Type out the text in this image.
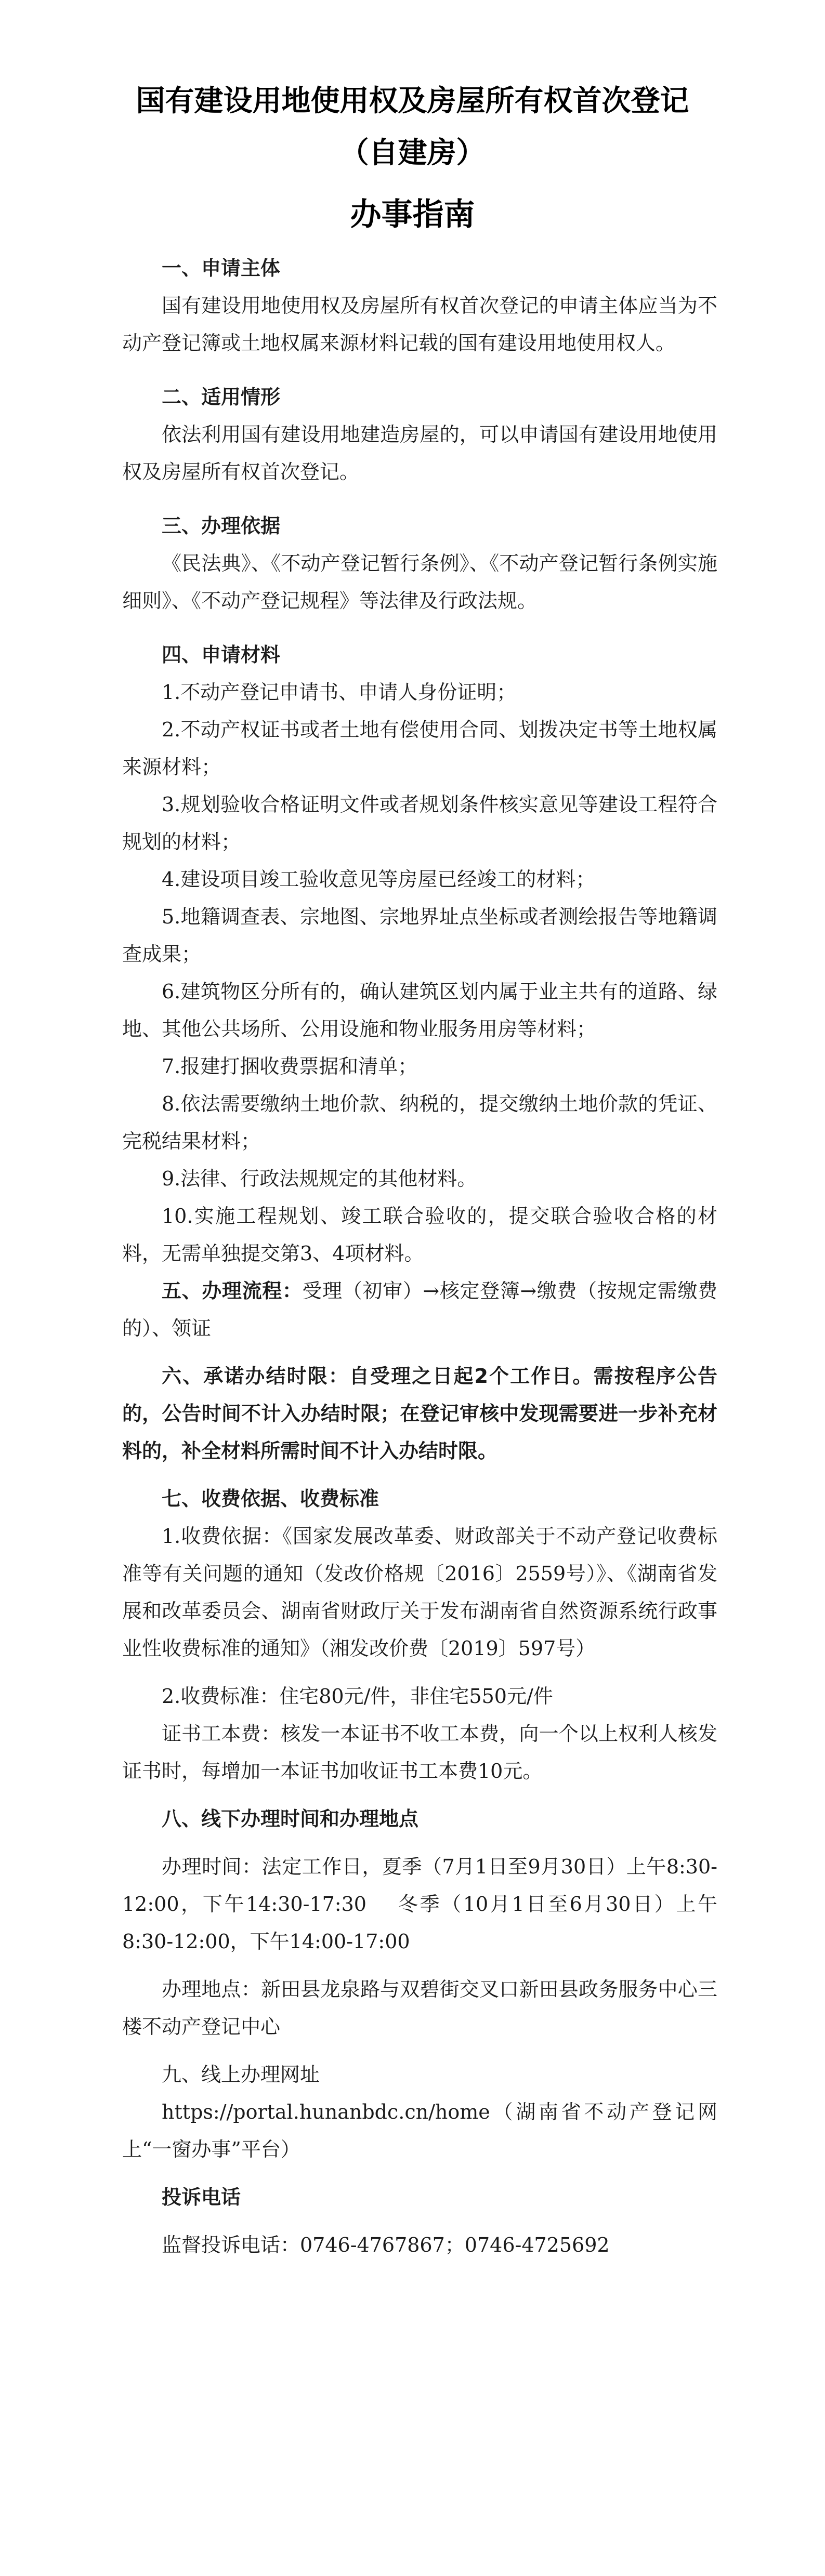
国有建设用地使用权及房屋所有权首次登记
（自建房）
办事指南

一、申请主体

国有建设用地使用权及房屋所有权首次登记的申请主体应当为不动产登记簿或土地权属来源材料记载的国有建设用地使用权人。

二、适用情形

依法利用国有建设用地建造房屋的，可以申请国有建设用地使用权及房屋所有权首次登记。

三、办理依据

《民法典》、《不动产登记暂行条例》、《不动产登记暂行条例实施细则》、《不动产登记规程》等法律及行政法规。

四、申请材料

1.不动产登记申请书、申请人身份证明；

2.不动产权证书或者土地有偿使用合同、划拨决定书等土地权属来源材料；

3.规划验收合格证明文件或者规划条件核实意见等建设工程符合规划的材料；

4.建设项目竣工验收意见等房屋已经竣工的材料；

5.地籍调查表、宗地图、宗地界址点坐标或者测绘报告等地籍调查成果；

6.建筑物区分所有的，确认建筑区划内属于业主共有的道路、绿地、其他公共场所、公用设施和物业服务用房等材料；

7.报建打捆收费票据和清单；

8.依法需要缴纳土地价款、纳税的，提交缴纳土地价款的凭证、完税结果材料；

9.法律、行政法规规定的其他材料。

10.实施工程规划、竣工联合验收的，提交联合验收合格的材料，无需单独提交第3、4项材料。

五、办理流程：受理（初审）→核定登簿→缴费（按规定需缴费的）、领证

六、承诺办结时限：自受理之日起2个工作日。需按程序公告的，公告时间不计入办结时限；在登记审核中发现需要进一步补充材料的，补全材料所需时间不计入办结时限。

七、收费依据、收费标准

1.收费依据：《国家发展改革委、财政部关于不动产登记收费标准等有关问题的通知（发改价格规〔2016〕2559号）》、《湖南省发展和改革委员会、湖南省财政厅关于发布湖南省自然资源系统行政事业性收费标准的通知》（湘发改价费〔2019〕597号）

2.收费标准：住宅80元/件，非住宅550元/件

证书工本费：核发一本证书不收工本费，向一个以上权利人核发证书时，每增加一本证书加收证书工本费10元。

八、线下办理时间和办理地点

办理时间：法定工作日，夏季（7月1日至9月30日）上午8:30-12:00，下午14:30-17:30　 冬季（10月1日至6月30日）上午8:30-12:00，下午14:00-17:00

办理地点：新田县龙泉路与双碧街交叉口新田县政务服务中心三楼不动产登记中心

九、线上办理网址

https://portal.hunanbdc.cn/home（湖南省不动产登记网上“一窗办事”平台）

投诉电话

监督投诉电话：0746-4767867；0746-4725692
